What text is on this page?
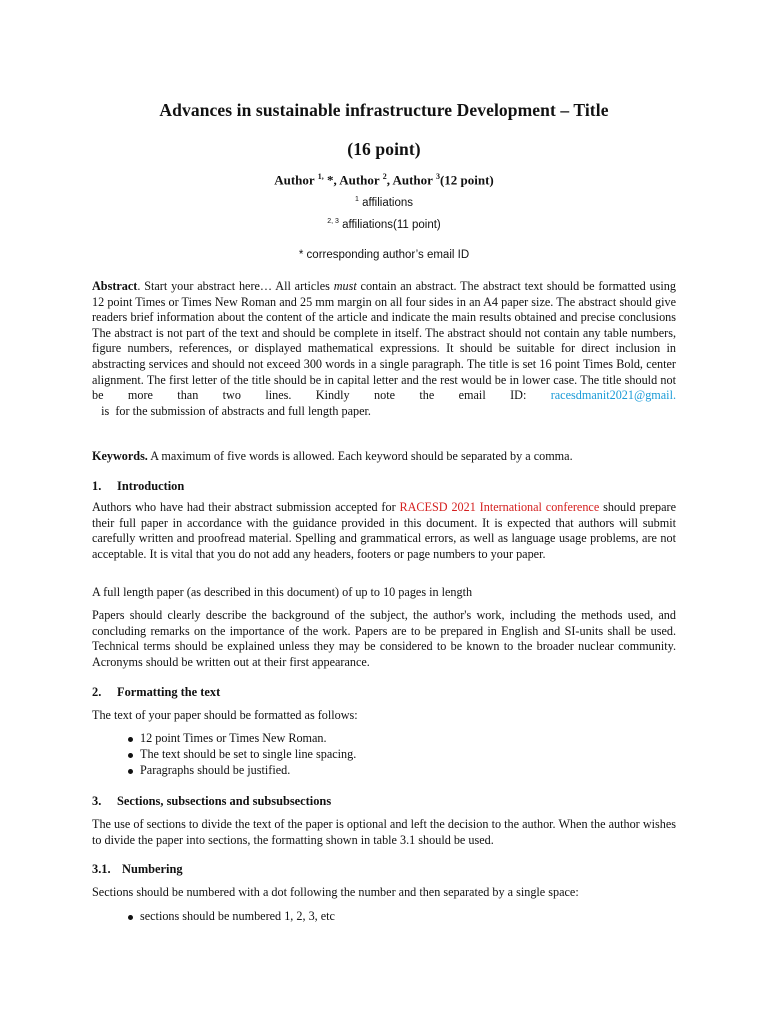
Advances in sustainable infrastructure Development – Title
(16 point)
Author $^{1,}$ *, Author $^2$, Author $^3$(12 point)
$^1$ affiliations
$^{2, 3}$ affiliations(11 point)
* corresponding author’s email ID
Abstract. Start your abstract here… All articles must contain an abstract. The abstract text should be formatted using 12 point Times or Times New Roman and 25 mm margin on all four sides in an A4 paper size. The abstract should give readers brief information about the content of the article and indicate the main results obtained and precise conclusions The abstract is not part of the text and should be complete in itself. The abstract should not contain any table numbers, figure numbers, references, or displayed mathematical expressions. It should be suitable for direct inclusion in abstracting services and should not exceed 300 words in a single paragraph. The title is set 16 point Times Bold, center alignment. The first letter of the title should be in capital letter and the rest would be in lower case. The title should not be more than two lines. Kindly note the email ID: racesdmanit2021@gmail.   is  for the submission of abstracts and full length paper.
Keywords. A maximum of five words is allowed. Each keyword should be separated by a comma.
1. Introduction
Authors who have had their abstract submission accepted for RACESD 2021 International conference should prepare their full paper in accordance with the guidance provided in this document. It is expected that authors will submit carefully written and proofread material. Spelling and grammatical errors, as well as language usage problems, are not acceptable. It is vital that you do not add any headers, footers or page numbers to your paper.
A full length paper (as described in this document) of up to 10 pages in length
Papers should clearly describe the background of the subject, the author's work, including the methods used, and concluding remarks on the importance of the work. Papers are to be prepared in English and SI-units shall be used. Technical terms should be explained unless they may be considered to be known to the broader nuclear community. Acronyms should be written out at their first appearance.
2. Formatting the text
The text of your paper should be formatted as follows:
12 point Times or Times New Roman.
The text should be set to single line spacing.
Paragraphs should be justified.
3. Sections, subsections and subsubsections
The use of sections to divide the text of the paper is optional and left the decision to the author. When the author wishes to divide the paper into sections, the formatting shown in table 3.1 should be used.
3.1. Numbering
Sections should be numbered with a dot following the number and then separated by a single space:
sections should be numbered 1, 2, 3, etc
